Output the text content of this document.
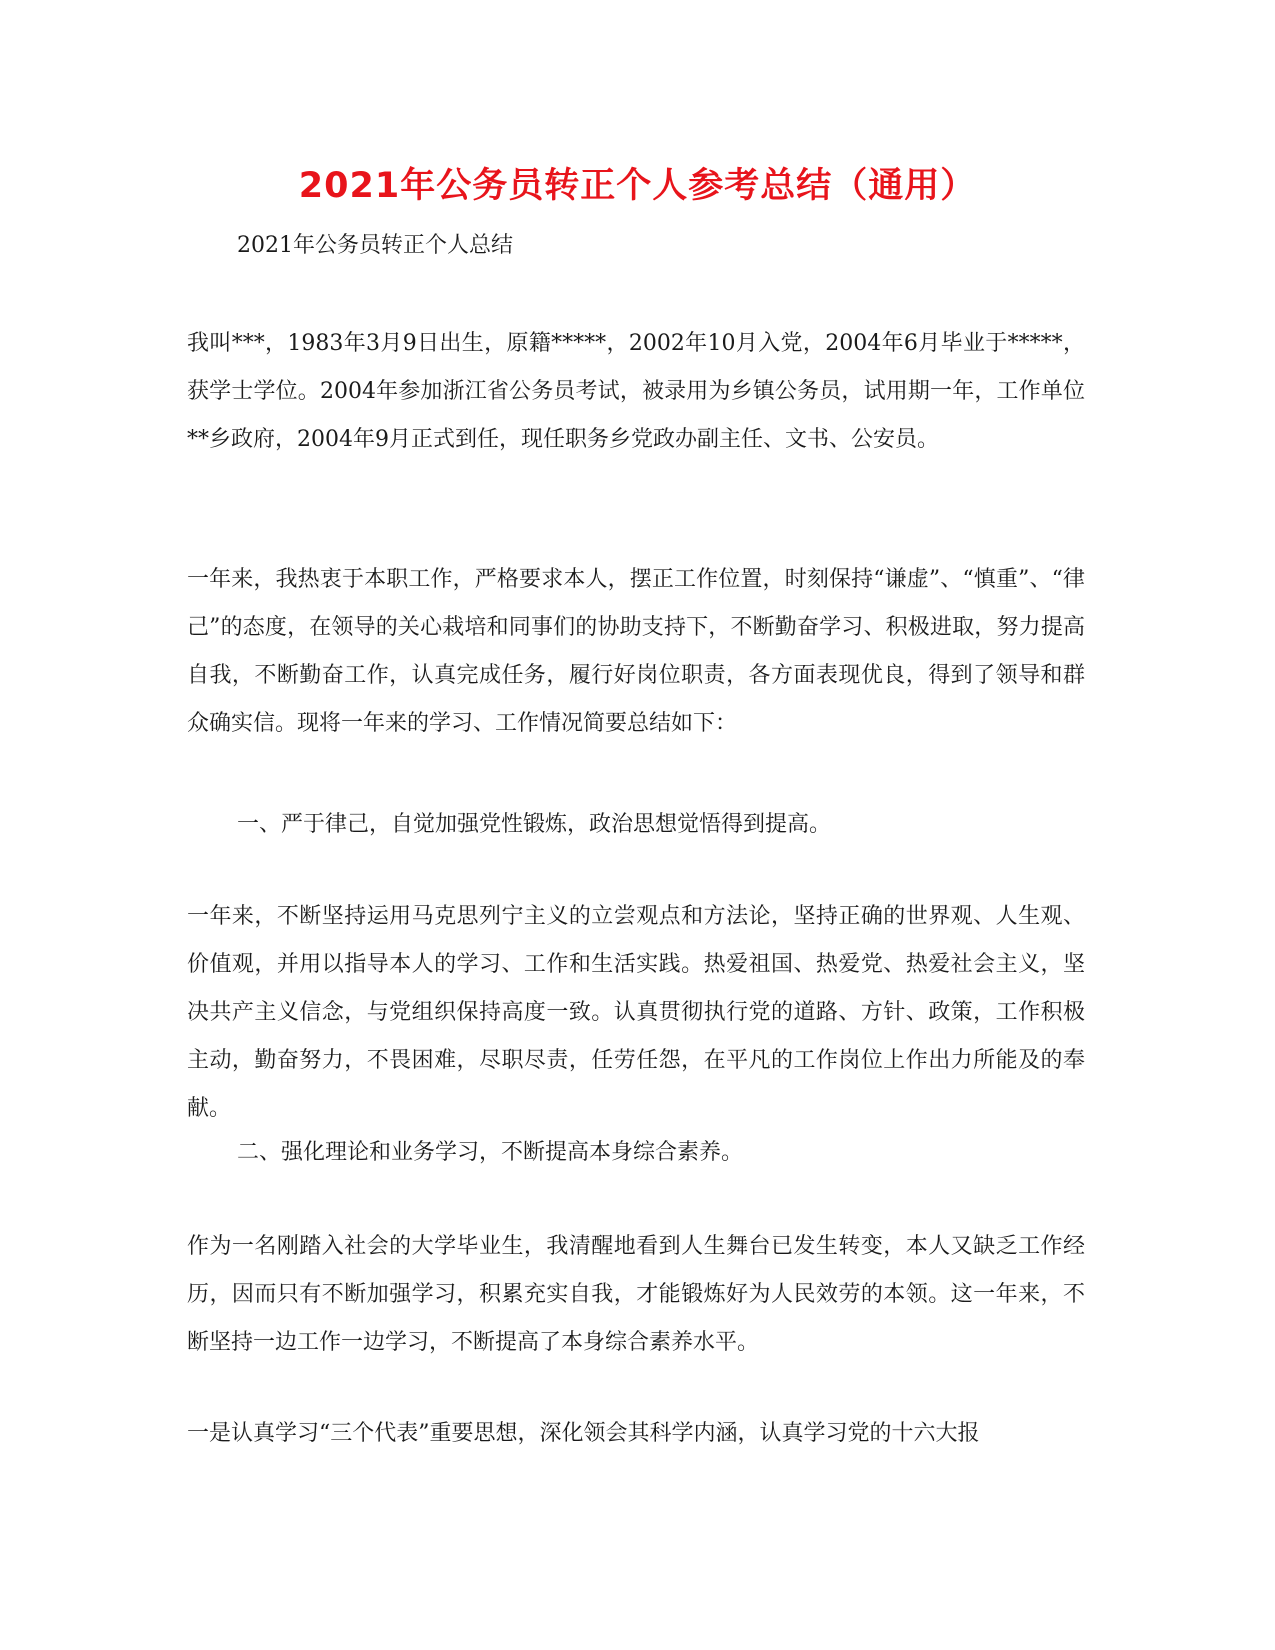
2021年公务员转正个人参考总结（通用）

2021年公务员转正个人总结

我叫***，1983年3月9日出生，原籍*****，2002年10月入党，2004年6月毕业于*****，获学士学位。2004年参加浙江省公务员考试，被录用为乡镇公务员，试用期一年，工作单位**乡政府，2004年9月正式到任，现任职务乡党政办副主任、文书、公安员。

一年来，我热衷于本职工作，严格要求本人，摆正工作位置，时刻保持“谦虚”、“慎重”、“律己”的态度，在领导的关心栽培和同事们的协助支持下，不断勤奋学习、积极进取，努力提高自我，不断勤奋工作，认真完成任务，履行好岗位职责，各方面表现优良，得到了领导和群众确实信。现将一年来的学习、工作情况简要总结如下：

一、严于律己，自觉加强党性锻炼，政治思想觉悟得到提高。

一年来，不断坚持运用马克思列宁主义的立尝观点和方法论，坚持正确的世界观、人生观、价值观，并用以指导本人的学习、工作和生活实践。热爱祖国、热爱党、热爱社会主义，坚决共产主义信念，与党组织保持高度一致。认真贯彻执行党的道路、方针、政策，工作积极主动，勤奋努力，不畏困难，尽职尽责，任劳任怨，在平凡的工作岗位上作出力所能及的奉献。

二、强化理论和业务学习，不断提高本身综合素养。

作为一名刚踏入社会的大学毕业生，我清醒地看到人生舞台已发生转变，本人又缺乏工作经历，因而只有不断加强学习，积累充实自我，才能锻炼好为人民效劳的本领。这一年来，不断坚持一边工作一边学习，不断提高了本身综合素养水平。

一是认真学习“三个代表”重要思想，深化领会其科学内涵，认真学习党的十六大报
